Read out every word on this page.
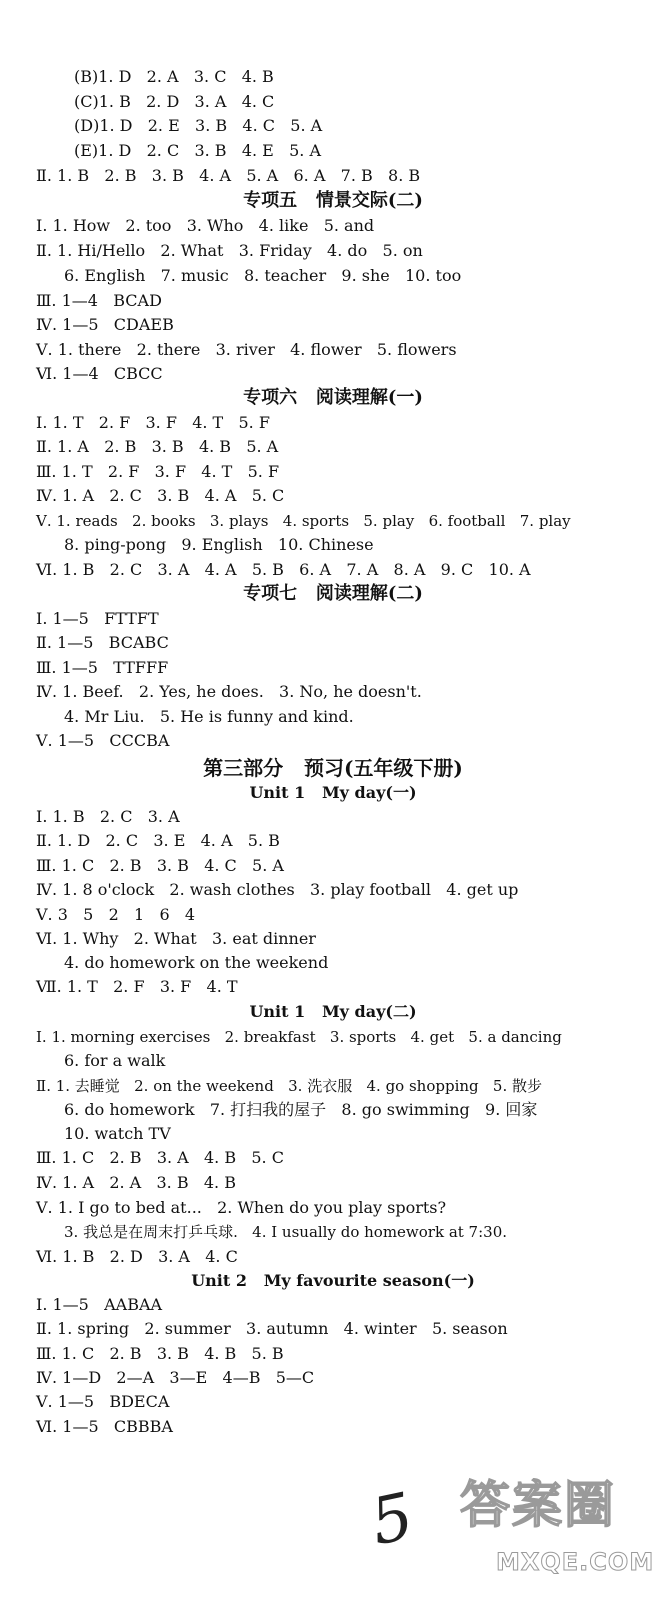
(B)1. D   2. A   3. C   4. B
(C)1. B   2. D   3. A   4. C
(D)1. D   2. E   3. B   4. C   5. A
(E)1. D   2. C   3. B   4. E   5. A
Ⅱ. 1. B   2. B   3. B   4. A   5. A   6. A   7. B   8. B
专项五   情景交际(二)
Ⅰ. 1. How   2. too   3. Who   4. like   5. and
Ⅱ. 1. Hi/Hello   2. What   3. Friday   4. do   5. on
6. English   7. music   8. teacher   9. she   10. too
Ⅲ. 1—4   BCAD
Ⅳ. 1—5   CDAEB
Ⅴ. 1. there   2. there   3. river   4. flower   5. flowers
Ⅵ. 1—4   CBCC
专项六   阅读理解(一)
Ⅰ. 1. T   2. F   3. F   4. T   5. F
Ⅱ. 1. A   2. B   3. B   4. B   5. A
Ⅲ. 1. T   2. F   3. F   4. T   5. F
Ⅳ. 1. A   2. C   3. B   4. A   5. C
Ⅴ. 1. reads   2. books   3. plays   4. sports   5. play   6. football   7. play
8. ping-pong   9. English   10. Chinese
Ⅵ. 1. B   2. C   3. A   4. A   5. B   6. A   7. A   8. A   9. C   10. A
专项七   阅读理解(二)
Ⅰ. 1—5   FTTFT
Ⅱ. 1—5   BCABC
Ⅲ. 1—5   TTFFF
Ⅳ. 1. Beef.   2. Yes, he does.   3. No, he doesn't.
4. Mr Liu.   5. He is funny and kind.
Ⅴ. 1—5   CCCBA
第三部分   预习(五年级下册)
Unit 1   My day(一)
Ⅰ. 1. B   2. C   3. A
Ⅱ. 1. D   2. C   3. E   4. A   5. B
Ⅲ. 1. C   2. B   3. B   4. C   5. A
Ⅳ. 1. 8 o'clock   2. wash clothes   3. play football   4. get up
Ⅴ. 3   5   2   1   6   4
Ⅵ. 1. Why   2. What   3. eat dinner
4. do homework on the weekend
Ⅶ. 1. T   2. F   3. F   4. T
Unit 1   My day(二)
Ⅰ. 1. morning exercises   2. breakfast   3. sports   4. get   5. a dancing
6. for a walk
Ⅱ. 1. 去睡觉   2. on the weekend   3. 洗衣服   4. go shopping   5. 散步
6. do homework   7. 打扫我的屋子   8. go swimming   9. 回家
10. watch TV
Ⅲ. 1. C   2. B   3. A   4. B   5. C
Ⅳ. 1. A   2. A   3. B   4. B
Ⅴ. 1. I go to bed at...   2. When do you play sports?
3. 我总是在周末打乒乓球.   4. I usually do homework at 7:30.
Ⅵ. 1. B   2. D   3. A   4. C
Unit 2   My favourite season(一)
Ⅰ. 1—5   AABAA
Ⅱ. 1. spring   2. summer   3. autumn   4. winter   5. season
Ⅲ. 1. C   2. B   3. B   4. B   5. B
Ⅳ. 1—D   2—A   3—E   4—B   5—C
Ⅴ. 1—5   BDECA
Ⅵ. 1—5   CBBBA
5 答案圈
MXQE.COM
